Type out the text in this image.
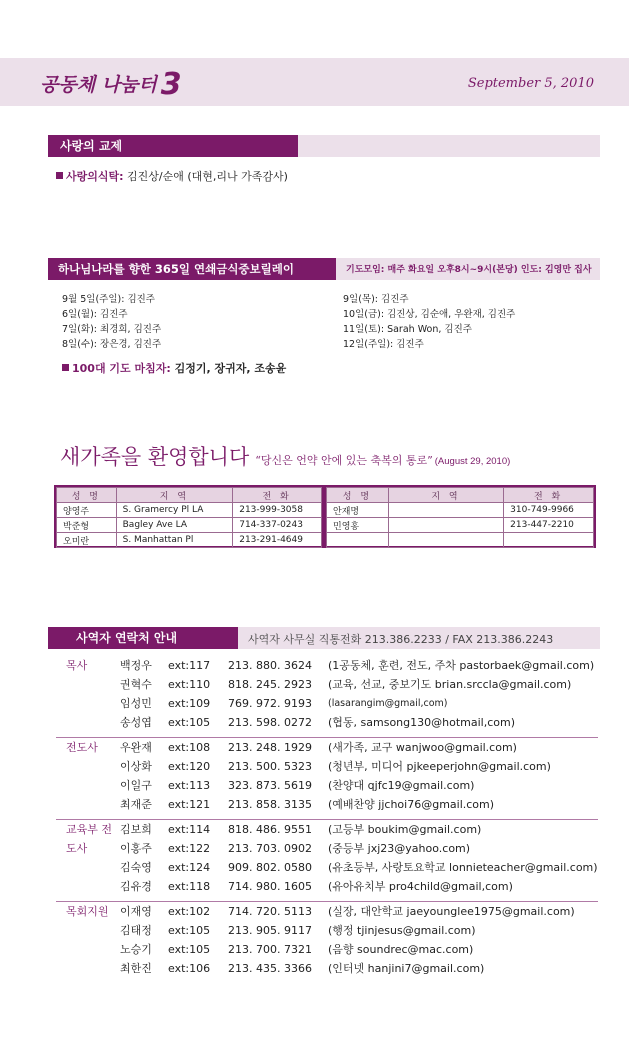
공동체 나눔터 3	September 5, 2010
사랑의 교제
사랑의식탁: 김진상/순애 (대현,리나 가족감사)
하나님나라를 향한 365일 연쇄금식중보릴레이	기도모임: 매주 화요일 오후8시~9시(본당) 인도: 김영만 집사
9월 5일(주일): 김진주
6일(월): 김진주
7일(화): 최경희, 김진주
8일(수): 장은경, 김진주
9일(목): 김진주
10일(금): 김진상, 김순애, 우완재, 김진주
11일(토): Sarah Won, 김진주
12일(주일): 김진주
100대 기도 마침자: 김정기, 장귀자, 조송윤
새가족을 환영합니다 “당신은 언약 안에 있는 축복의 통로” (August 29, 2010)
성 명	지 역	전 화
양영주	S. Gramercy Pl LA	213-999-3058
박준형	Bagley Ave LA	714-337-0243
오미란	S. Manhattan Pl	213-291-4649
성 명	지 역	전 화
안재명		310-749-9966
민영홍		213-447-2210

사역자 연락처 안내	사역자 사무실 직통전화 213.386.2233 / FAX 213.386.2243
목사	백정우 ext:117 213. 880. 3624 (1공동체, 훈련, 전도, 주차 pastorbaek@gmail.com)
권혁수 ext:110 818. 245. 2923 (교육, 선교, 중보기도 brian.srccla@gmail.com)
임성민 ext:109 769. 972. 9193 (lasarangim@gmail,com)
송성엽 ext:105 213. 598. 0272 (협동, samsong130@hotmail,com)
전도사	우완재 ext:108 213. 248. 1929 (새가족, 교구 wanjwoo@gmail.com)
이상화 ext:120 213. 500. 5323 (청년부, 미디어 pjkeeperjohn@gmail.com)
이일구 ext:113 323. 873. 5619 (찬양대 qjfc19@gmail.com)
최재준 ext:121 213. 858. 3135 (예배찬양 jjchoi76@gmail.com)
교육부 전도사
김보희 ext:114 818. 486. 9551 (고등부 boukim@gmail.com)
이홍주 ext:122 213. 703. 0902 (중등부 jxj23@yahoo.com)
김숙영 ext:124 909. 802. 0580 (유초등부, 사랑토요학교 lonnieteacher@gmail.com)
김유경 ext:118 714. 980. 1605 (유아유치부 pro4child@gmail,com)
목회지원	이재영 ext:102 714. 720. 5113 (실장, 대안학교 jaeyounglee1975@gmail.com)
김태정 ext:105 213. 905. 9117 (행정 tjinjesus@gmail.com)
노승기 ext:105 213. 700. 7321 (음향 soundrec@mac.com)
최한진 ext:106 213. 435. 3366 (인터넷 hanjini7@gmail.com)
